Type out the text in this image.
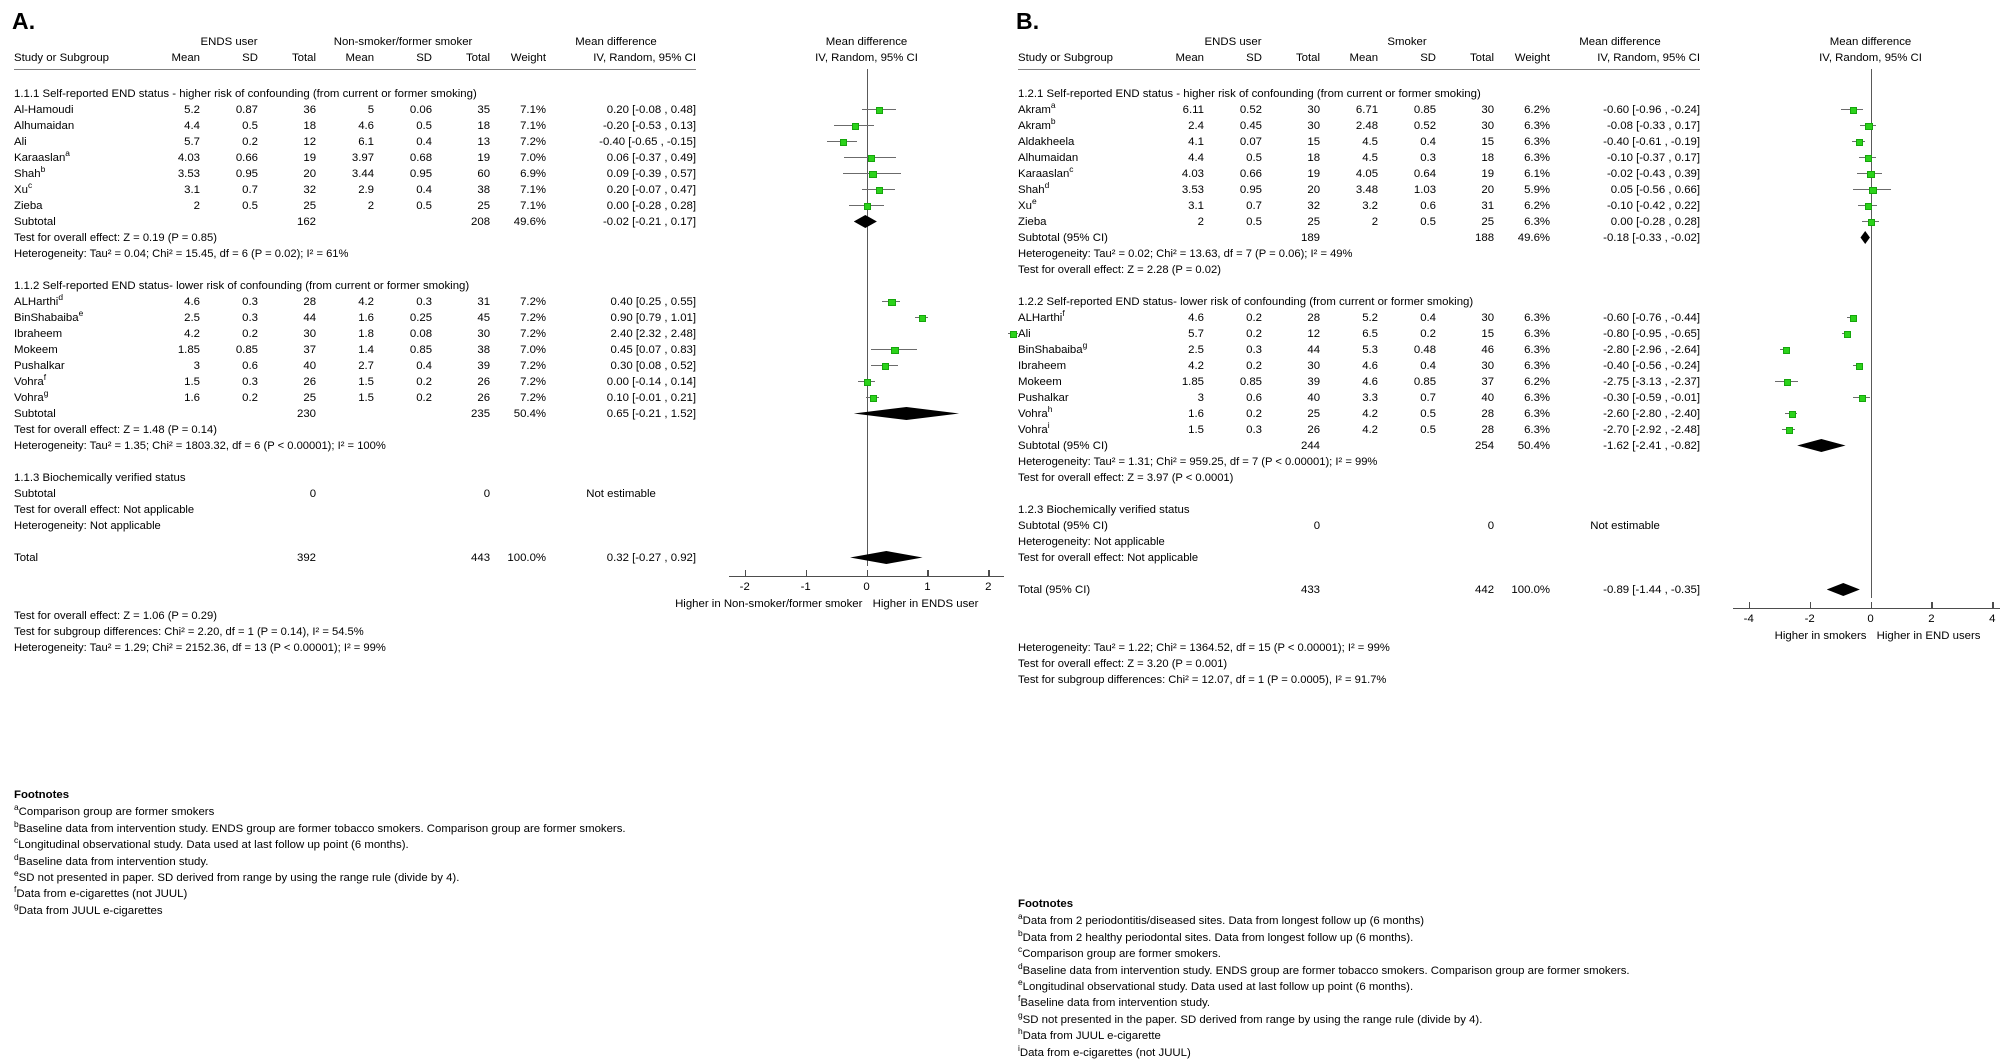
A.
	ENDS user			Non-smoker/former smoker				Mean difference	Mean difference
Study or Subgroup	Mean	SD	Total	Mean	SD	Total	Weight	IV, Random, 95% CI	IV, Random, 95% CI

1.1.1 Self-reported END status - higher risk of confounding (from current or former smoking)									

Al-Hamoudi	5.2	0.87	36	5	0.06	35	7.1%	0.20 [-0.08 , 0.48]	

Alhumaidan	4.4	0.5	18	4.6	0.5	18	7.1%	-0.20 [-0.53 , 0.13]	

Ali	5.7	0.2	12	6.1	0.4	13	7.2%	-0.40 [-0.65 , -0.15]	

Karaaslan$^a$	4.03	0.66	19	3.97	0.68	19	7.0%	0.06 [-0.37 , 0.49]	

Shah$^b$	3.53	0.95	20	3.44	0.95	60	6.9%	0.09 [-0.39 , 0.57]	

Xu$^c$	3.1	0.7	32	2.9	0.4	38	7.1%	0.20 [-0.07 , 0.47]	

Zieba	2	0.5	25	2	0.5	25	7.1%	0.00 [-0.28 , 0.28]	

Subtotal			162			208	49.6%	-0.02 [-0.21 , 0.17]	

Test for overall effect: Z = 0.19 (P = 0.85)									

Heterogeneity: Tau² = 0.04; Chi² = 15.45, df = 6 (P = 0.02); I² = 61%									

1.1.2 Self-reported END status- lower risk of confounding (from current or former smoking)									

ALHarthi$^d$	4.6	0.3	28	4.2	0.3	31	7.2%	0.40 [0.25 , 0.55]	

BinShabaiba$^e$	2.5	0.3	44	1.6	0.25	45	7.2%	0.90 [0.79 , 1.01]	

Ibraheem	4.2	0.2	30	1.8	0.08	30	7.2%	2.40 [2.32 , 2.48]	

Mokeem	1.85	0.85	37	1.4	0.85	38	7.0%	0.45 [0.07 , 0.83]	

Pushalkar	3	0.6	40	2.7	0.4	39	7.2%	0.30 [0.08 , 0.52]	

Vohra$^f$	1.5	0.3	26	1.5	0.2	26	7.2%	0.00 [-0.14 , 0.14]	

Vohra$^g$	1.6	0.2	25	1.5	0.2	26	7.2%	0.10 [-0.01 , 0.21]	

Subtotal			230			235	50.4%	0.65 [-0.21 , 1.52]	

Test for overall effect: Z = 1.48 (P = 0.14)									

Heterogeneity: Tau² = 1.35; Chi² = 1803.32, df = 6 (P < 0.00001); I² = 100%									

1.1.3 Biochemically verified status									

Subtotal			0			0		Not estimable	

Test for overall effect: Not applicable									

Heterogeneity: Not applicable									

Total			392			443	100.0%	0.32 [-0.27 , 0.92]	

-2	-1	0	1	2
Higher in Non-smoker/former smoker Higher in ENDS user

Test for overall effect: Z = 1.06 (P = 0.29)									
Test for subgroup differences: Chi² = 2.20, df = 1 (P = 0.14), I² = 54.5%									
Heterogeneity: Tau² = 1.29; Chi² = 2152.36, df = 13 (P < 0.00001); I² = 99%									
Footnotes
$^a$Comparison group are former smokers
$^b$Baseline data from intervention study. ENDS group are former tobacco smokers. Comparison group are former smokers.
$^c$Longitudinal observational study. Data used at last follow up point (6 months).
$^d$Baseline data from intervention study.
$^e$SD not presented in paper. SD derived from range by using the range rule (divide by 4).
$^f$Data from e-cigarettes (not JUUL)
$^g$Data from JUUL e-cigarettes
B.
	ENDS user			Smoker				Mean difference	Mean difference
Study or Subgroup	Mean	SD	Total	Mean	SD	Total	Weight	IV, Random, 95% CI	IV, Random, 95% CI

1.2.1 Self-reported END status - higher risk of confounding (from current or former smoking)									

Akram$^a$	6.11	0.52	30	6.71	0.85	30	6.2%	-0.60 [-0.96 , -0.24]	

Akram$^b$	2.4	0.45	30	2.48	0.52	30	6.3%	-0.08 [-0.33 , 0.17]	

Aldakheela	4.1	0.07	15	4.5	0.4	15	6.3%	-0.40 [-0.61 , -0.19]	

Alhumaidan	4.4	0.5	18	4.5	0.3	18	6.3%	-0.10 [-0.37 , 0.17]	

Karaaslan$^c$	4.03	0.66	19	4.05	0.64	19	6.1%	-0.02 [-0.43 , 0.39]	

Shah$^d$	3.53	0.95	20	3.48	1.03	20	5.9%	0.05 [-0.56 , 0.66]	

Xu$^e$	3.1	0.7	32	3.2	0.6	31	6.2%	-0.10 [-0.42 , 0.22]	

Zieba	2	0.5	25	2	0.5	25	6.3%	0.00 [-0.28 , 0.28]	

Subtotal (95% CI)			189			188	49.6%	-0.18 [-0.33 , -0.02]	

Heterogeneity: Tau² = 0.02; Chi² = 13.63, df = 7 (P = 0.06); I² = 49%									

Test for overall effect: Z = 2.28 (P = 0.02)									

1.2.2 Self-reported END status- lower risk of confounding (from current or former smoking)									

ALHarthi$^f$	4.6	0.2	28	5.2	0.4	30	6.3%	-0.60 [-0.76 , -0.44]	

Ali	5.7	0.2	12	6.5	0.2	15	6.3%	-0.80 [-0.95 , -0.65]	

BinShabaiba$^g$	2.5	0.3	44	5.3	0.48	46	6.3%	-2.80 [-2.96 , -2.64]	

Ibraheem	4.2	0.2	30	4.6	0.4	30	6.3%	-0.40 [-0.56 , -0.24]	

Mokeem	1.85	0.85	39	4.6	0.85	37	6.2%	-2.75 [-3.13 , -2.37]	

Pushalkar	3	0.6	40	3.3	0.7	40	6.3%	-0.30 [-0.59 , -0.01]	

Vohra$^h$	1.6	0.2	25	4.2	0.5	28	6.3%	-2.60 [-2.80 , -2.40]	

Vohra$^i$	1.5	0.3	26	4.2	0.5	28	6.3%	-2.70 [-2.92 , -2.48]	

Subtotal (95% CI)			244			254	50.4%	-1.62 [-2.41 , -0.82]	

Heterogeneity: Tau² = 1.31; Chi² = 959.25, df = 7 (P < 0.00001); I² = 99%									

Test for overall effect: Z = 3.97 (P < 0.0001)									

1.2.3 Biochemically verified status									

Subtotal (95% CI)			0			0		Not estimable	

Heterogeneity: Not applicable									

Test for overall effect: Not applicable									

Total (95% CI)			433			442	100.0%	-0.89 [-1.44 , -0.35]	

-4	-2	0	2	4
Higher in smokers Higher in END users

Heterogeneity: Tau² = 1.22; Chi² = 1364.52, df = 15 (P < 0.00001); I² = 99%									
Test for overall effect: Z = 3.20 (P = 0.001)									
Test for subgroup differences: Chi² = 12.07, df = 1 (P = 0.0005), I² = 91.7%									
Footnotes
$^a$Data from 2 periodontitis/diseased sites. Data from longest follow up (6 months)
$^b$Data from 2 healthy periodontal sites. Data from longest follow up (6 months).
$^c$Comparison group are former smokers.
$^d$Baseline data from intervention study. ENDS group are former tobacco smokers. Comparison group are former smokers.
$^e$Longitudinal observational study. Data used at last follow up point (6 months).
$^f$Baseline data from intervention study.
$^g$SD not presented in the paper. SD derived from range by using the range rule (divide by 4).
$^h$Data from JUUL e-cigarette
$^i$Data from e-cigarettes (not JUUL)
